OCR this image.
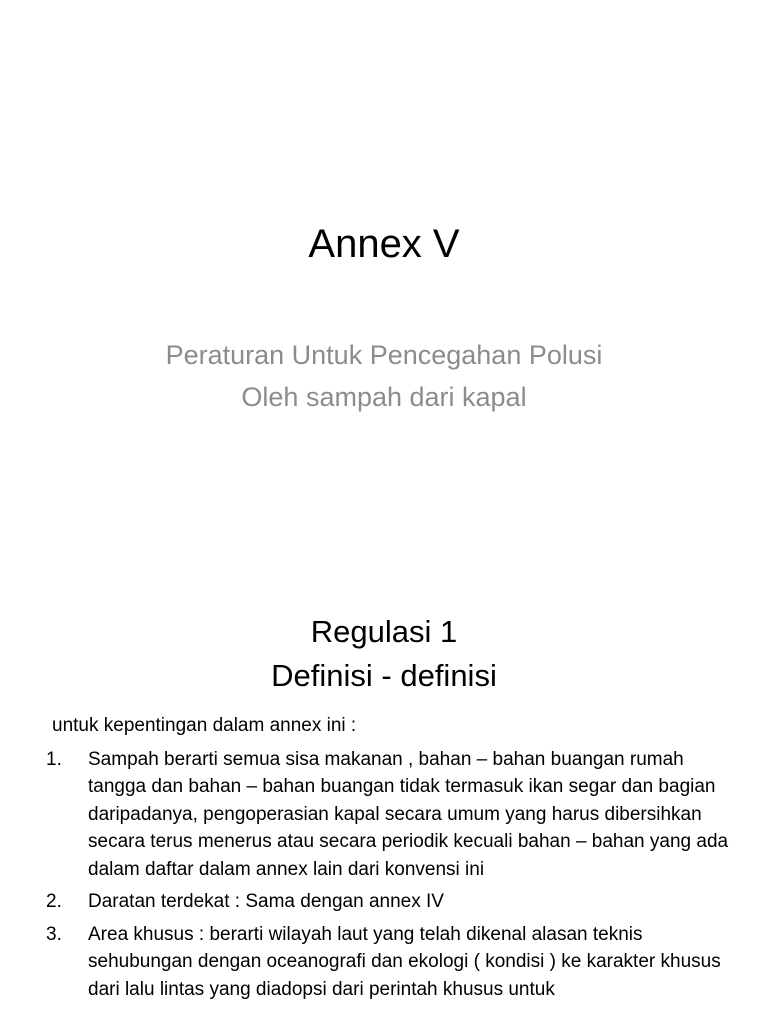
Annex V
Peraturan Untuk Pencegahan Polusi
Oleh sampah dari kapal
Regulasi 1
Definisi - definisi
untuk kepentingan dalam annex ini :
1. Sampah berarti semua sisa makanan , bahan – bahan buangan rumah tangga dan bahan – bahan buangan tidak termasuk ikan segar dan bagian daripadanya, pengoperasian kapal secara umum yang harus dibersihkan secara terus menerus atau secara periodik kecuali bahan – bahan yang ada dalam daftar dalam annex lain dari konvensi ini
2. Daratan terdekat : Sama dengan annex IV
3. Area khusus : berarti wilayah laut yang telah dikenal alasan teknis sehubungan dengan oceanografi dan ekologi ( kondisi ) ke karakter khusus dari lalu lintas yang diadopsi dari perintah khusus untuk
